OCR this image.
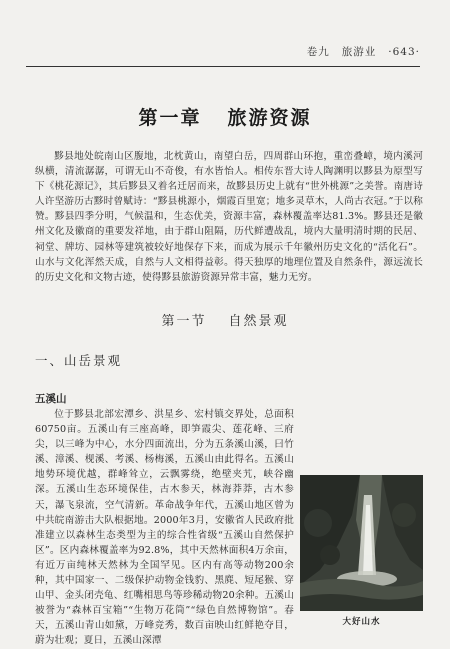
卷九 旅游业 ·643·
第一章 旅游资源

黟县地处皖南山区腹地，北枕黄山，南望白岳，四周群山环抱，重峦叠嶂，境内溪河纵横，清流潺潺，可谓无山不奇俊，有水皆怡人。相传东晋大诗人陶渊明以黟县为原型写下《桃花源记》，其后黟县又着名迁居而来，故黟县历史上就有“世外桃源”之美誉。南唐诗人许坚游历古黟时曾赋诗：“黟县桃源小，烟霞百里宽；地多灵草木，人尚古衣冠。”于以称赞。黟县四季分明，气候温和，生态优美，资源丰富，森林覆盖率达81.3%。黟县还是徽州文化及徽商的重要发祥地，由于群山阻隔，历代鲜遭战乱，境内大量明清时期的民居、祠堂、牌坊、园林等建筑被较好地保存下来，而成为展示千年徽州历史文化的“活化石”。山水与文化浑然天成，自然与人文相得益彰。得天独厚的地理位置及自然条件，源远流长的历史文化和文物古迹，使得黟县旅游资源异常丰富，魅力无穷。

第一节 自然景观
一、山岳景观
五溪山
大好山水
位于黟县北部宏潭乡、洪星乡、宏村镇交界处，总面积60750亩。五溪山有三座高峰，即笋霞尖、莲花峰、三府尖，以三峰为中心，水分四面流出，分为五条溪山溪，曰竹溪、漳溪、枧溪、考溪、杨梅溪，五溪山由此得名。五溪山地势环境优越，群峰耸立，云飘雾绕，绝壁夹艽，峡谷幽深。五溪山生态环境保佳，古木参天，林海莽莽，古木参天，瀑飞泉流，空气清新。革命战争年代，五溪山地区曾为中共皖南游击大队根据地。2000年3月，安徽省人民政府批准建立以森林生态类型为主的综合性省级“五溪山自然保护区”。区内森林覆盖率为92.8%，其中天然林面积4万余亩，有近万亩纯林天然林为全国罕见。区内有高等动物200余种，其中国家一、二级保护动物金钱豹、黑麂、短尾猴、穿山甲、金头闭壳龟、红嘴相思鸟等珍稀动物20余种。五溪山被誉为“森林百宝箱”“生物万花筒”“绿色自然博物馆”。春天，五溪山青山如黛，万峰竞秀，数百亩映山红鲜艳夺目，蔚为壮观；夏日，五溪山深潭
